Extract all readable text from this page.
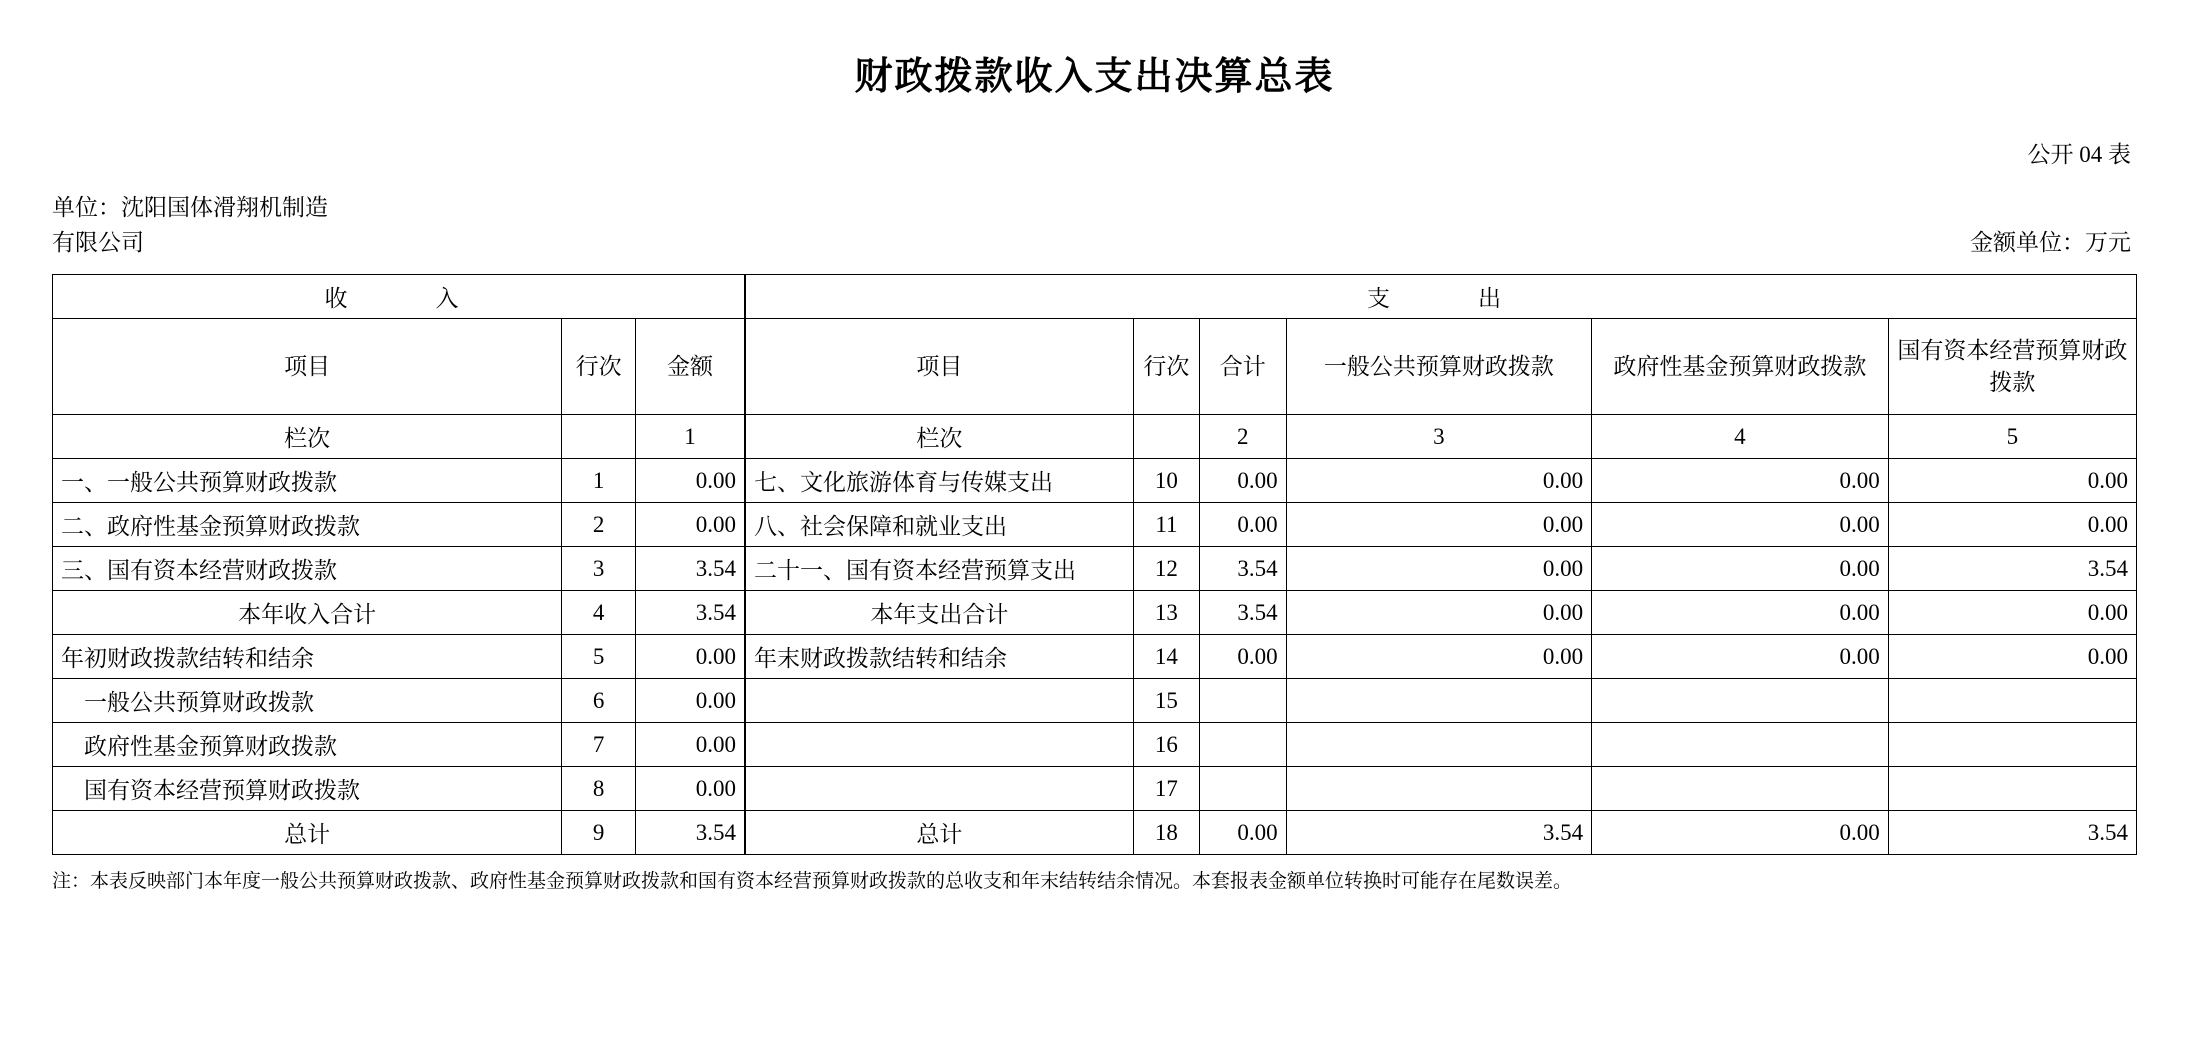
财政拨款收入支出决算总表
公开 04 表
单位：沈阳国体滑翔机制造
有限公司	金额单位：万元
收　　入			支　　出					
项目	行次	金额	项目	行次	合计	一般公共预算财政拨款	政府性基金预算财政拨款	国有资本经营预算财政拨款
栏次		1	栏次		2	3	4	5
一、一般公共预算财政拨款	1	0.00	七、文化旅游体育与传媒支出	10	0.00	0.00	0.00	0.00
二、政府性基金预算财政拨款	2	0.00	八、社会保障和就业支出	11	0.00	0.00	0.00	0.00
三、国有资本经营财政拨款	3	3.54	二十一、国有资本经营预算支出	12	3.54	0.00	0.00	3.54
本年收入合计	4	3.54	本年支出合计	13	3.54	0.00	0.00	0.00
年初财政拨款结转和结余	5	0.00	年末财政拨款结转和结余	14	0.00	0.00	0.00	0.00
　一般公共预算财政拨款	6	0.00		15				
　政府性基金预算财政拨款	7	0.00		16				
　国有资本经营预算财政拨款	8	0.00		17				
总计	9	3.54	总计	18	0.00	3.54	0.00	3.54
注：本表反映部门本年度一般公共预算财政拨款、政府性基金预算财政拨款和国有资本经营预算财政拨款的总收支和年末结转结余情况。本套报表金额单位转换时可能存在尾数误差。
